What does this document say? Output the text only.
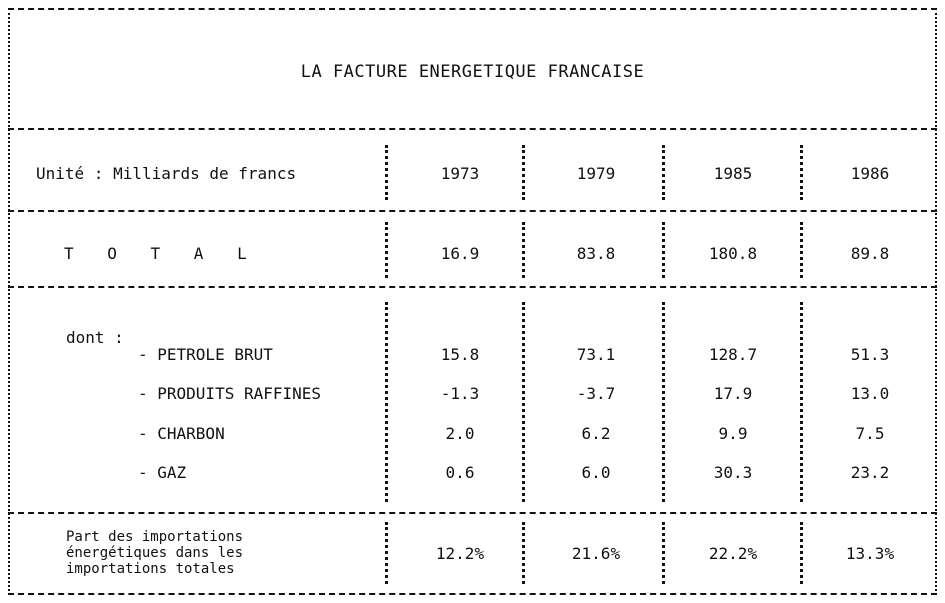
LA FACTURE ENERGETIQUE FRANCAISE
Unité : Milliards de francs	1973	1979	1985	1986
T O T A L	16.9	83.8	180.8	89.8
dont :
- PETROLE BRUT	15.8	73.1	128.7	51.3
- PRODUITS RAFFINES	-1.3	-3.7	17.9	13.0
- CHARBON	2.0	6.2	9.9	7.5
- GAZ	0.6	6.0	30.3	23.2
Part des importations
énergétiques dans les
importations totales
12.2%	21.6%	22.2%	13.3%
